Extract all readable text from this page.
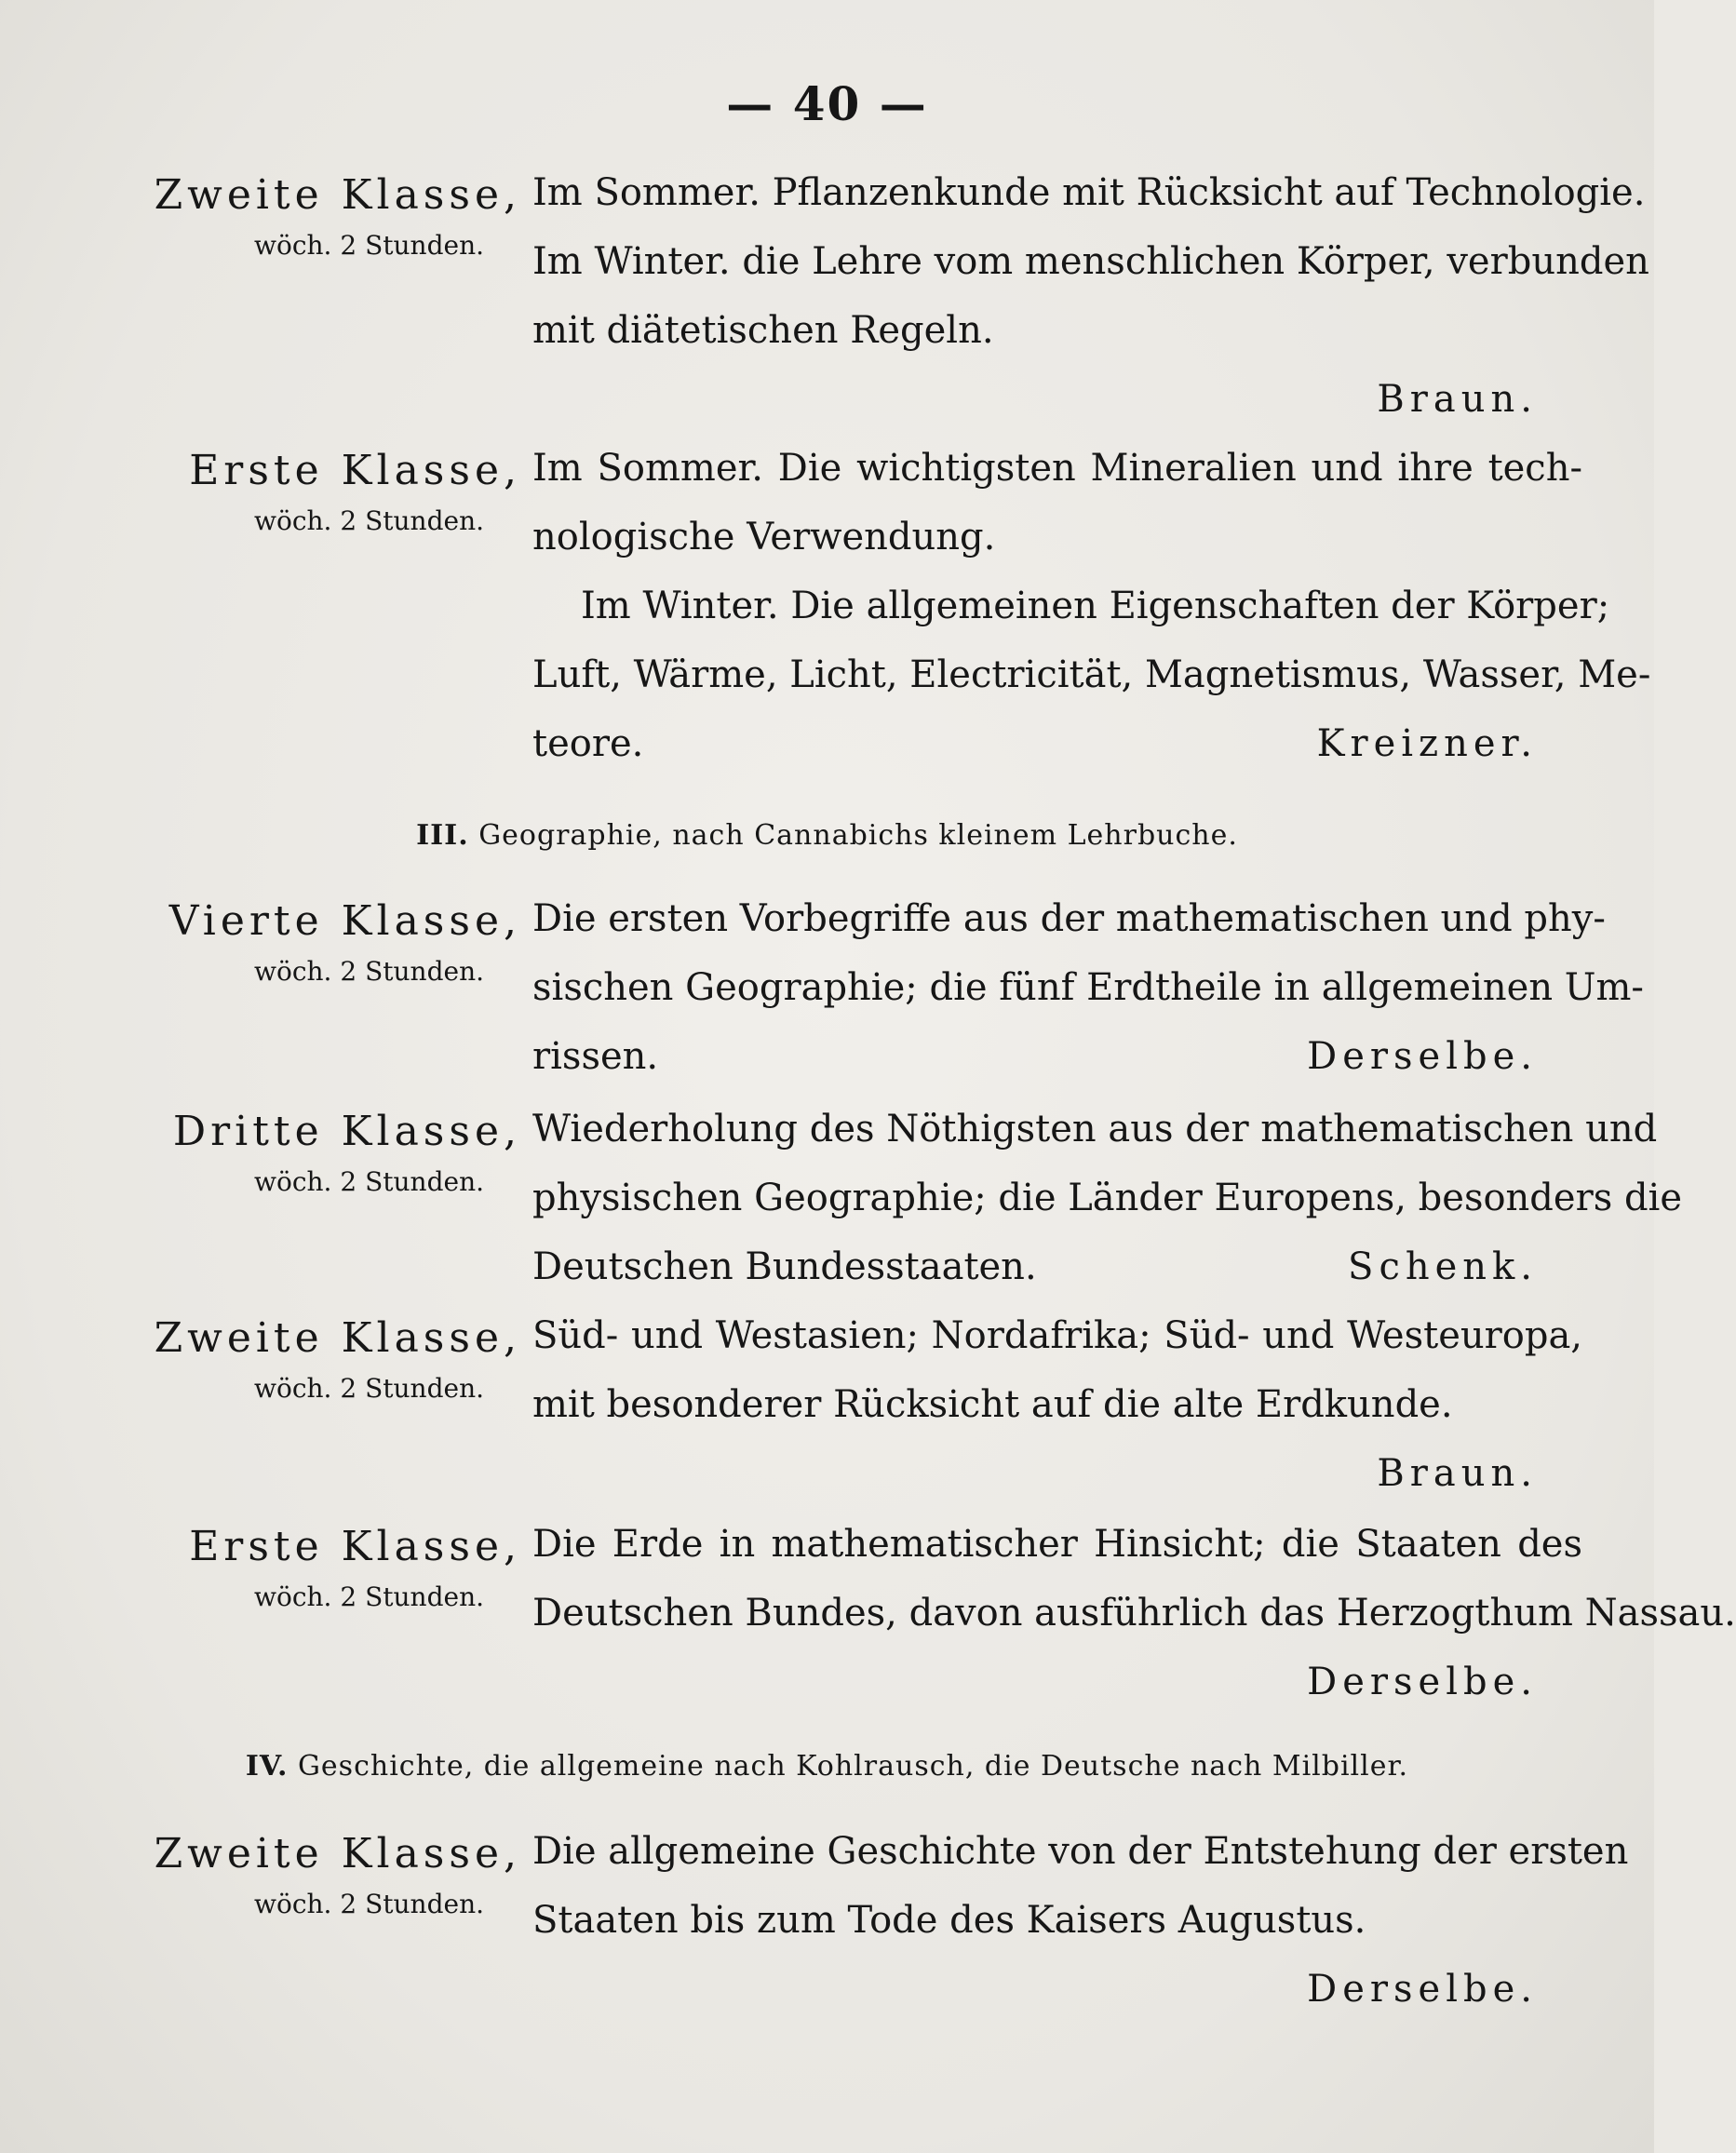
— 40 —
Zweite Klasse,
wöch. 2 Stunden.
Im Sommer. Pflanzenkunde mit Rücksicht auf Technologie.
Im Winter. die Lehre vom menschlichen Körper, verbunden
mit diätetischen Regeln.
Braun.
Erste Klasse,
wöch. 2 Stunden.
Im Sommer. Die wichtigsten Mineralien und ihre tech-
nologische Verwendung.
Im Winter. Die allgemeinen Eigenschaften der Körper;
Luft, Wärme, Licht, Electricität, Magnetismus, Wasser, Me-
teore.	Kreizner.
III. Geographie, nach Cannabichs kleinem Lehrbuche.
Vierte Klasse,
wöch. 2 Stunden.
Die ersten Vorbegriffe aus der mathematischen und phy-
sischen Geographie; die fünf Erdtheile in allgemeinen Um-
rissen.	Derselbe.
Dritte Klasse,
wöch. 2 Stunden.
Wiederholung des Nöthigsten aus der mathematischen und
physischen Geographie; die Länder Europens, besonders die
Deutschen Bundesstaaten.	Schenk.
Zweite Klasse,
wöch. 2 Stunden.
Süd- und Westasien; Nordafrika; Süd- und Westeuropa,
mit besonderer Rücksicht auf die alte Erdkunde.
Braun.
Erste Klasse,
wöch. 2 Stunden.
Die Erde in mathematischer Hinsicht; die Staaten des
Deutschen Bundes, davon ausführlich das Herzogthum Nassau.
Derselbe.
IV. Geschichte, die allgemeine nach Kohlrausch, die Deutsche nach Milbiller.
Zweite Klasse,
wöch. 2 Stunden.
Die allgemeine Geschichte von der Entstehung der ersten
Staaten bis zum Tode des Kaisers Augustus.
Derselbe.
